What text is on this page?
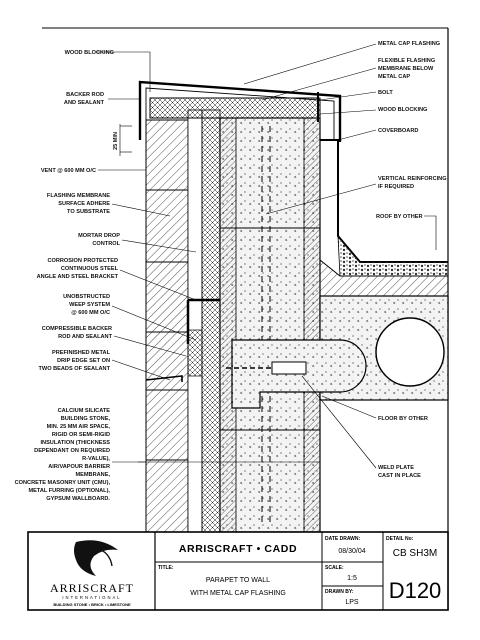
25 MIN
WOOD BLOCKING
BACKER ROD
AND SEALANT
VENT @ 600 MM O/C
FLASHING MEMBRANE
SURFACE ADHERE
TO SUBSTRATE
MORTAR DROP
CONTROL
CORROSION PROTECTED
CONTINUOUS STEEL
ANGLE AND STEEL BRACKET
UNOBSTRUCTED
WEEP SYSTEM
@ 600 MM O/C
COMPRESSIBLE BACKER
ROD AND SEALANT
PREFINISHED METAL
DRIP EDGE SET ON
TWO BEADS OF SEALANT
CALCIUM SILICATE
BUILDING STONE,
MIN. 25 MM AIR SPACE,
RIGID OR SEMI-RIGID
INSULATION (THICKNESS
DEPENDANT ON REQUIRED
R-VALUE),
AIR/VAPOUR BARRIER
MEMBRANE,
CONCRETE MASONRY UNIT (CMU),
METAL FURRING (OPTIONAL),
GYPSUM WALLBOARD.
METAL CAP FLASHING
FLEXIBLE FLASHING
MEMBRANE BELOW
METAL CAP
BOLT
WOOD BLOCKING
COVERBOARD
VERTICAL REINFORCING
IF REQUIRED
ROOF BY OTHER
FLOOR BY OTHER
WELD PLATE
CAST IN PLACE
ARRISCRAFT
INTERNATIONAL
BUILDING STONE • BRICK • LIMESTONE
ARRISCRAFT • CADD
TITLE:
PARAPET TO WALL
WITH METAL CAP FLASHING
DATE DRAWN:
08/30/04
SCALE:
1:5
DRAWN BY:
LPS
DETAIL No:
CB SH3M
D120
